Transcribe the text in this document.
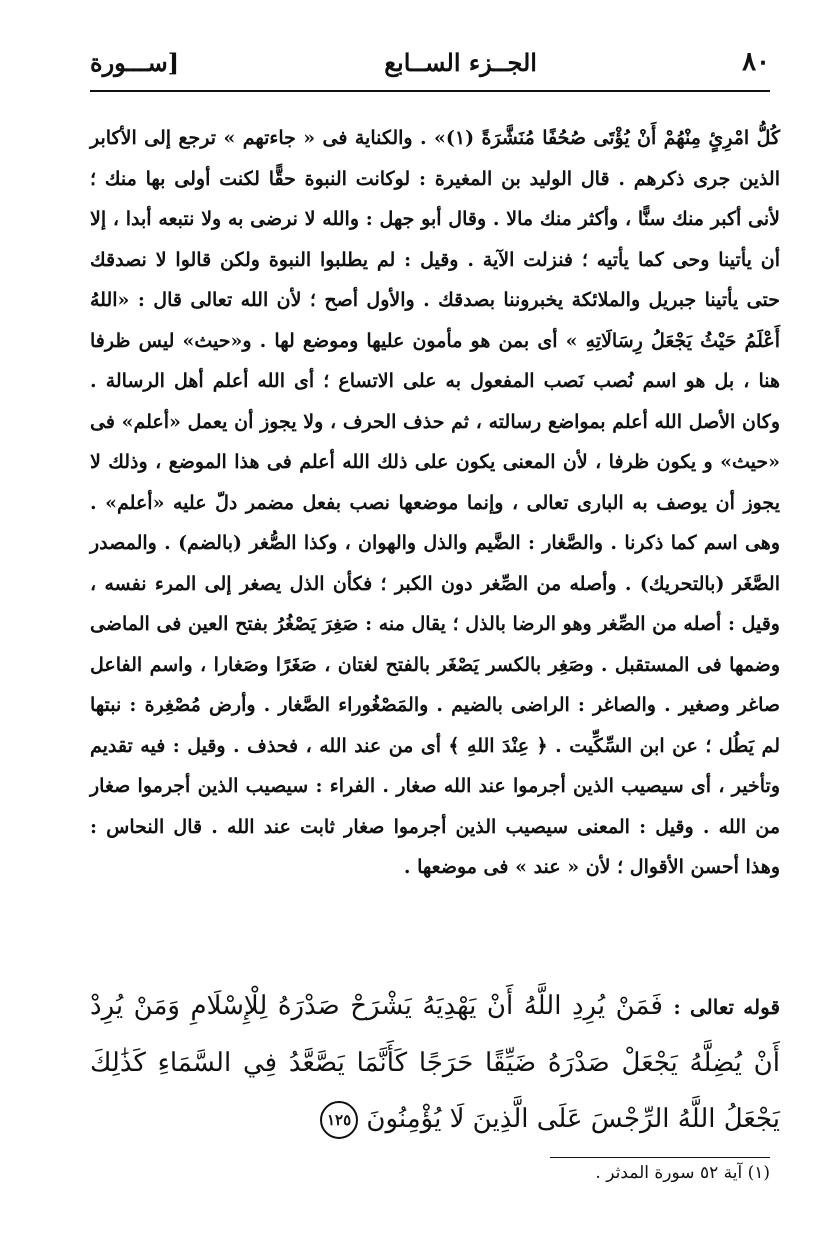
٨٠
الجــزء الســابع
[ســـورة
كُلُّ امْرِئٍ مِنْهُمْ أَنْ يُؤْتَى صُحُفًا مُنَشَّرَةً ‏(١)» . والكناية فى « جاءتهم » ترجع إلى الأكابر الذين جرى ذكرهم . قال الوليد بن المغيرة : لوكانت النبوة حقًّا لكنت أولى بها منك ؛ لأنى أكبر منك سنًّا ، وأكثر منك مالا . وقال أبو جهل : والله لا نرضى به ولا نتبعه أبدا ، إلا أن يأتينا وحى كما يأتيه ؛ فنزلت الآية . وقيل : لم يطلبوا النبوة ولكن قالوا لا نصدقك حتى يأتينا جبريل والملائكة يخبروننا بصدقك . والأول أصح ؛ لأن الله تعالى قال : «اللهُ أَعْلَمُ حَيْثُ يَجْعَلُ رِسَالَاتِهِ » أى بمن هو مأمون عليها وموضع لها . و«حيث» ليس ظرفا هنا ، بل هو اسم نُصب نَصب المفعول به على الاتساع ؛ أى الله أعلم أهل الرسالة . وكان الأصل الله أعلم بمواضع رسالته ، ثم حذف الحرف ، ولا يجوز أن يعمل «أعلم» فى «حيث» و يكون ظرفا ، لأن المعنى يكون على ذلك الله أعلم فى هذا الموضع ، وذلك لا يجوز أن يوصف به البارى تعالى ، وإنما موضعها نصب بفعل مضمر دلّ عليه «أعلم» . وهى اسم كما ذكرنا . والصَّغار : الضَّيم والذل والهوان ، وكذا الصُّغر (بالضم) . والمصدر الصَّغَر (بالتحريك) . وأصله من الصِّغر دون الكبر ؛ فكأن الذل يصغر إلى المرء نفسه ، وقيل : أصله من الصِّغر وهو الرضا بالذل ؛ يقال منه : صَغِرَ يَصْغُرُ بفتح العين فى الماضى وضمها فى المستقبل . وصَغِر بالكسر يَصْغَر بالفتح لغتان ، صَغَرًا وصَغارا ، واسم الفاعل صاغر وصغير . والصاغر : الراضى بالضيم . والمَصْغُوراء الصَّغار . وأرض مُصْغِرة : نبتها لم يَطُل ؛ عن ابن السِّكِّيت . ﴿ عِنْدَ اللهِ ﴾ أى من عند الله ، فحذف . وقيل : فيه تقديم وتأخير ، أى سيصيب الذين أجرموا عند الله صغار . الفراء : سيصيب الذين أجرموا صغار من الله . وقيل : المعنى سيصيب الذين أجرموا صغار ثابت عند الله . قال النحاس : وهذا أحسن الأقوال ؛ لأن « عند » فى موضعها .
قوله تعالى : فَمَنْ يُرِدِ اللَّهُ أَنْ يَهْدِيَهُ يَشْرَحْ صَدْرَهُ لِلْإِسْلَامِ وَمَنْ يُرِدْ أَنْ يُضِلَّهُ يَجْعَلْ صَدْرَهُ ضَيِّقًا حَرَجًا كَأَنَّمَا يَصَّعَّدُ فِي السَّمَاءِ كَذَٰلِكَ يَجْعَلُ اللَّهُ الرِّجْسَ عَلَى الَّذِينَ لَا يُؤْمِنُونَ ١٢٥
(١) آية ٥٢ سورة المدثر .
